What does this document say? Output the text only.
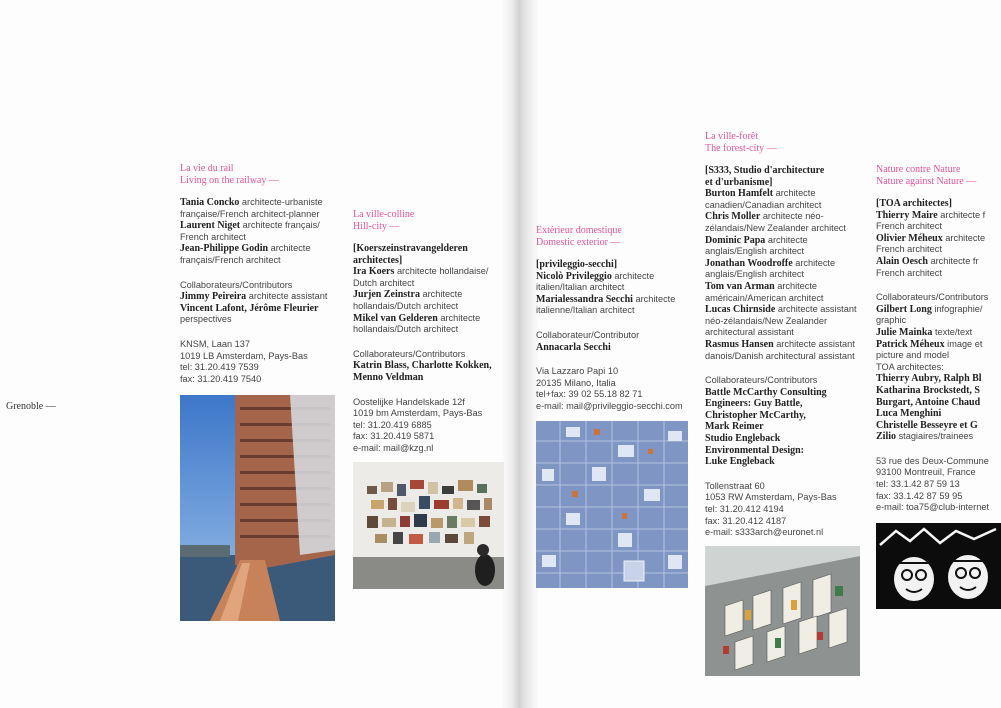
Grenoble —

La vie du rail

Living on the railway —

Tania Concko architecte-urbaniste

française/French architect-planner

Laurent Niget architecte français/

French architect

Jean-Philippe Godin architecte

français/French architect

Collaborateurs/Contributors

Jimmy Peireira architecte assistant

Vincent Lafont, Jérôme Fleurier

perspectives

KNSM, Laan 137

1019 LB Amsterdam, Pays-Bas

tel: 31.20.419 7539

fax: 31.20.419 7540

La ville-colline

Hill-city —

[Koerszeinstravangelderen

architectes]

Ira Koers architecte hollandaise/

Dutch architect

Jurjen Zeinstra architecte

hollandais/Dutch architect

Mikel van Gelderen architecte

hollandais/Dutch architect

Collaborateurs/Contributors

Katrin Blass, Charlotte Kokken,

Menno Veldman

Oostelijke Handelskade 12f

1019 bm Amsterdam, Pays-Bas

tel: 31.20.419 6885

fax: 31.20.419 5871

e-mail: mail@kzg.nl

Extérieur domestique

Domestic exterior —

[privileggio-secchi]

Nicolò Privileggio architecte

italien/Italian architect

Marialessandra Secchi architecte

italienne/Italian architect

Collaborateur/Contributor

Annacarla Secchi

Via Lazzaro Papi 10

20135 Milano, Italia

tel+fax: 39 02 55.18 82 71

e-mail: mail@privileggio-secchi.com

La ville-forêt

The forest-city —

[S333, Studio d'architecture

et d'urbanisme]

Burton Hamfelt architecte

canadien/Canadian architect

Chris Moller architecte néo-

zélandais/New Zealander architect

Dominic Papa architecte

anglais/English architect

Jonathan Woodroffe architecte

anglais/English architect

Tom van Arman architecte

américain/American architect

Lucas Chirnside architecte assistant

néo-zélandais/New Zealander

architectural assistant

Rasmus Hansen architecte assistant

danois/Danish architectural assistant

Collaborateurs/Contributors

Battle McCarthy Consulting

Engineers: Guy Battle,

Christopher McCarthy,

Mark Reimer

Studio Engleback

Environmental Design:

Luke Engleback

Tollenstraat 60

1053 RW Amsterdam, Pays-Bas

tel: 31.20.412 4194

fax: 31.20.412 4187

e-mail: s333arch@euronet.nl

Nature contre Nature

Nature against Nature —

[TOA architectes]

Thierry Maire architecte f

French architect

Olivier Méheux architecte

French architect

Alain Oesch architecte fr

French architect

Collaborateurs/Contributors

Gilbert Long infographie/

graphic

Julie Mainka texte/text

Patrick Méheux image et

picture and model

TOA architectes:

Thierry Aubry, Ralph Bl

Katharina Brockstedt, S

Burgart, Antoine Chaud

Luca Menghini

Christelle Besseyre et G

Zilio stagiaires/trainees

53 rue des Deux-Commune

93100 Montreuil, France

tel: 33.1.42 87 59 13

fax: 33.1.42 87 59 95

e-mail: toa75@club-internet
